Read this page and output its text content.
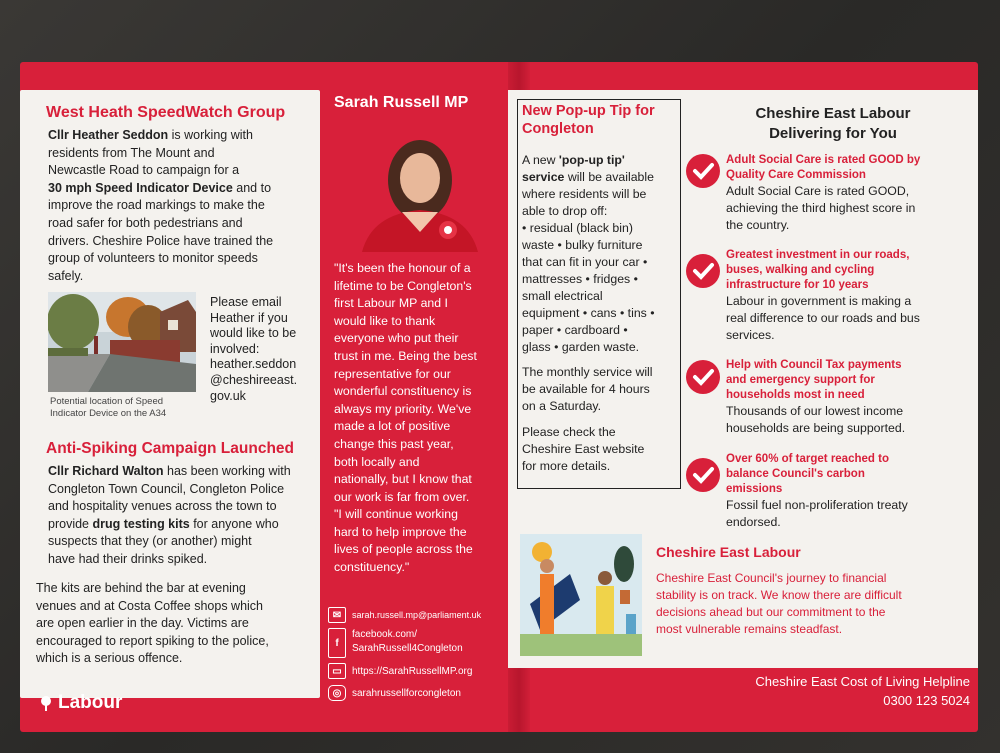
West Heath SpeedWatch Group
Cllr Heather Seddon is working with
residents from The Mount and
Newcastle Road to campaign for a
30 mph Speed Indicator Device and to
improve the road markings to make the
road safer for both pedestrians and
drivers. Cheshire Police have trained the
group of volunteers to monitor speeds
safely.
Potential location of Speed
Indicator Device on the A34
Please email
Heather if you
would like to be
involved:
heather.seddon
@cheshireeast.
gov.uk
Anti-Spiking Campaign Launched
Cllr Richard Walton has been working with
Congleton Town Council, Congleton Police
and hospitality venues across the town to
provide drug testing kits for anyone who
suspects that they (or another) might
have had their drinks spiked.
The kits are behind the bar at evening
venues and at Costa Coffee shops which
are open earlier in the day. Victims are
encouraged to report spiking to the police,
which is a serious offence.
Labour
Sarah Russell MP
"It's been the honour of a
lifetime to be Congleton's
first Labour MP and I
would like to thank
everyone who put their
trust in me. Being the best
representative for our
wonderful constituency is
always my priority. We've
made a lot of positive
change this past year,
both locally and
nationally, but I know that
our work is far from over.
"I will continue working
hard to help improve the
lives of people across the
constituency."
✉	sarah.russell.mp@parliament.uk
f
facebook.com/
SarahRussell4Congleton
▭	https://SarahRussellMP.org
◎	sarahrussellforcongleton
New Pop-up Tip for
Congleton
A new 'pop-up tip'
service will be available
where residents will be
able to drop off:
• residual (black bin)
waste • bulky furniture
that can fit in your car •
mattresses • fridges •
small electrical
equipment • cans • tins •
paper • cardboard •
glass • garden waste.
The monthly service will
be available for 4 hours
on a Saturday.
Please check the
Cheshire East website
for more details.
Cheshire East Labour
Delivering for You
Adult Social Care is rated GOOD by
Quality Care Commission
Adult Social Care is rated GOOD,
achieving the third highest score in
the country.
Greatest investment in our roads,
buses, walking and cycling
infrastructure for 10 years
Labour in government is making a
real difference to our roads and bus
services.
Help with Council Tax payments
and emergency support for
households most in need
Thousands of our lowest income
households are being supported.
Over 60% of target reached to
balance Council's carbon
emissions
Fossil fuel non-proliferation treaty
endorsed.
Cheshire East Labour
Cheshire East Council's journey to financial
stability is on track. We know there are difficult
decisions ahead but our commitment to the
most vulnerable remains steadfast.
Cheshire East Cost of Living Helpline
0300 123 5024
